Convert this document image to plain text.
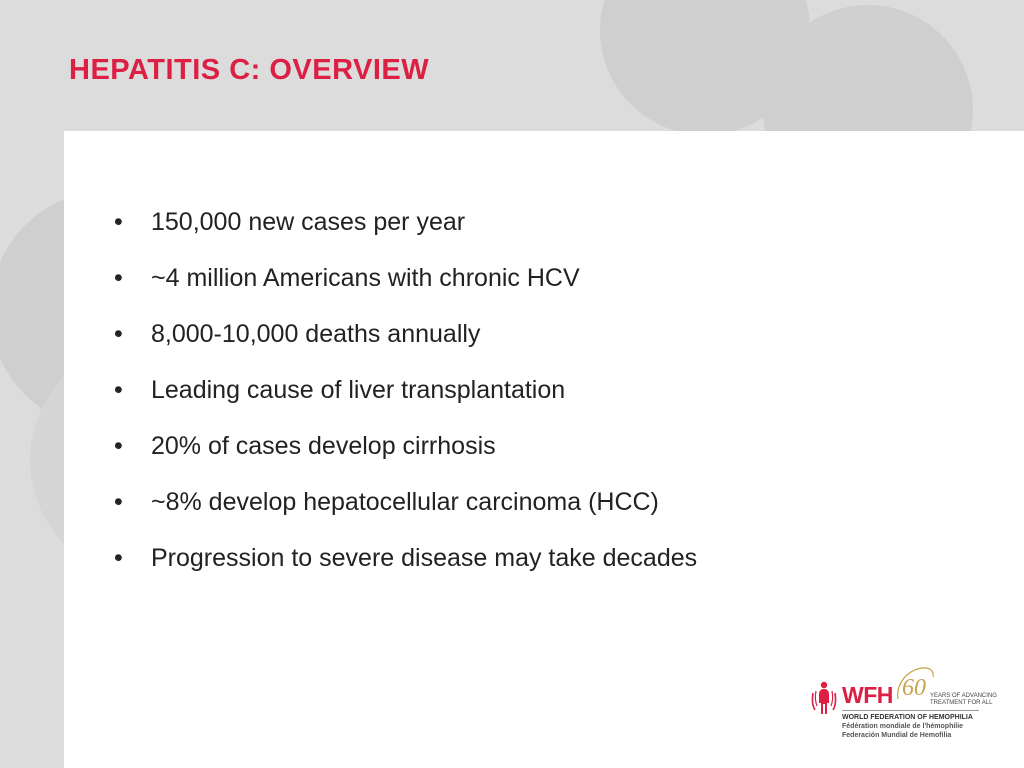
HEPATITIS C: OVERVIEW
• 150,000 new cases per year
• ~4 million Americans with chronic HCV
• 8,000-10,000 deaths annually
• Leading cause of liver transplantation
• 20% of cases develop cirrhosis
• ~8% develop hepatocellular carcinoma (HCC)
• Progression to severe disease may take decades
WFH 60 YEARS OF ADVANCING
TREATMENT FOR ALL
WORLD FEDERATION OF HEMOPHILIA
Fédération mondiale de l'hémophilie
Federación Mundial de Hemofilia
